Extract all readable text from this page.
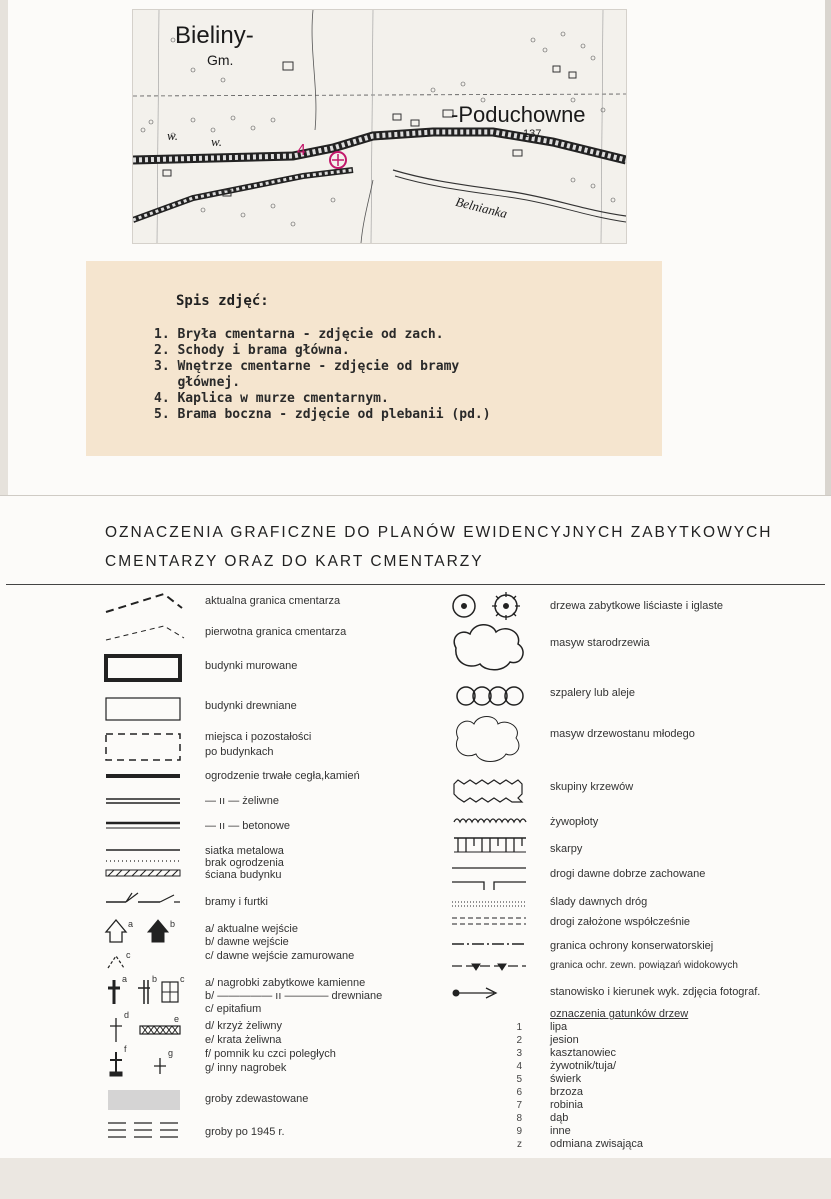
Bieliny-
Gm.
-Poduchowne
137
Belnianka
w.	w.
4
Spis zdjęć:
1. Bryła cmentarna - zdjęcie od zach.
2. Schody i brama główna.
3. Wnętrze cmentarne - zdjęcie od bramy
głównej.
4. Kaplica w murze cmentarnym.
5. Brama boczna - zdjęcie od plebanii (pd.)
OZNACZENIA GRAFICZNE DO PLANÓW EWIDENCYJNYCH ZABYTKOWYCH
CMENTARZY ORAZ DO KART CMENTARZY
a	b
c
a	b	c
d	e
f	g
aktualna granica cmentarza
pierwotna granica cmentarza
budynki murowane
budynki drewniane
miejsca i pozostałości
po budynkach
ogrodzenie trwałe cegła,kamień
— ıı — żeliwne
— ıı — betonowe
siatka metalowa
brak ogrodzenia
ściana budynku
bramy i furtki
a/ aktualne wejście
b/ dawne wejście
c/ dawne wejście zamurowane
a/ nagrobki zabytkowe kamienne
b/ ————— ıı ———— drewniane
c/ epitafium
d/ krzyż żeliwny
e/ krata żeliwna
f/ pomnik ku czci poległych
g/ inny nagrobek
groby zdewastowane
groby po 1945 r.
drzewa zabytkowe liściaste i iglaste
masyw starodrzewia
szpalery lub aleje
masyw drzewostanu młodego
skupiny krzewów
żywopłoty
skarpy
drogi dawne dobrze zachowane
ślady dawnych dróg
drogi założone współcześnie
granica ochrony konserwatorskiej
granica ochr. zewn. powiązań widokowych
stanowisko i kierunek wyk. zdjęcia fotograf.
oznaczenia gatunków drzew
1	lipa
2	jesion
3	kasztanowiec
4	żywotnik/tuja/
5	świerk
6	brzoza
7	robinia
8	dąb
9	inne
z	odmiana zwisająca
